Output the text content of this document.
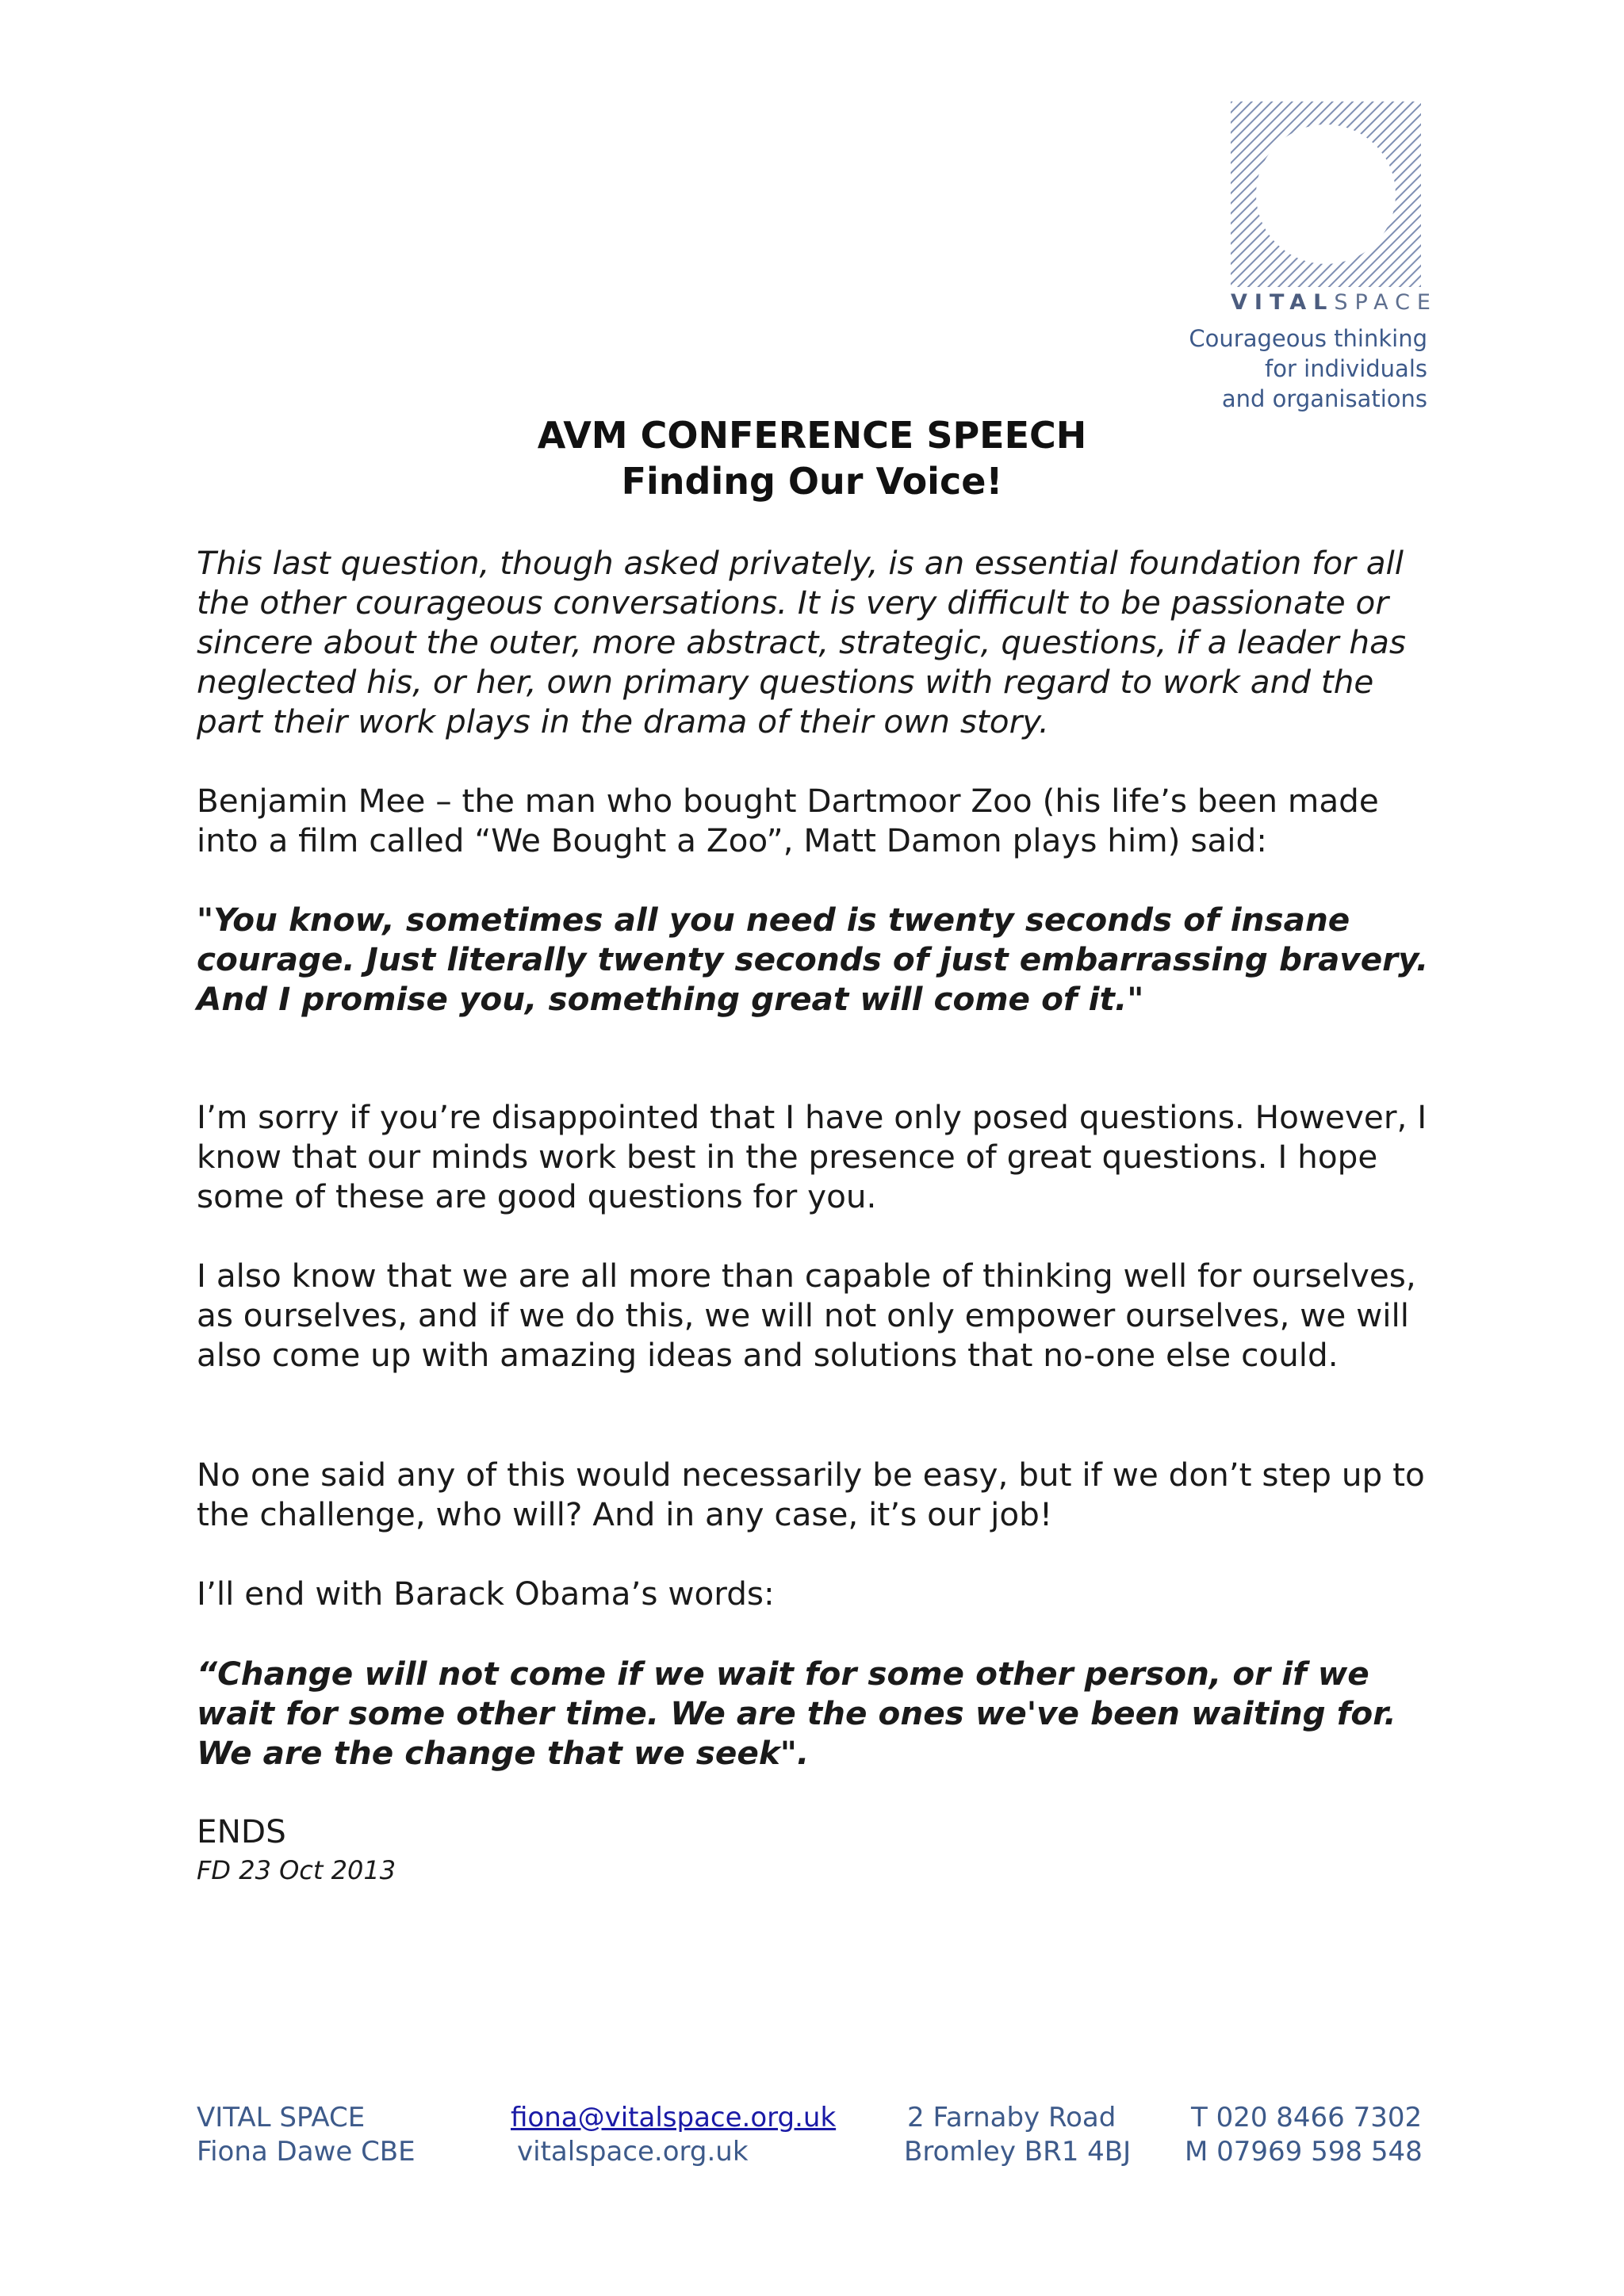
VITALSPACE
Courageous thinking
for individuals
and organisations
AVM CONFERENCE SPEECH
Finding Our Voice!

This last question, though asked privately, is an essential foundation for all the other courageous conversations. It is very difficult to be passionate or sincere about the outer, more abstract, strategic, questions, if a leader has neglected his, or her, own primary questions with regard to work and the part their work plays in the drama of their own story.

Benjamin Mee – the man who bought Dartmoor Zoo (his life’s been made into a film called “We Bought a Zoo”, Matt Damon plays him) said:

"You know, sometimes all you need is twenty seconds of insane courage. Just literally twenty seconds of just embarrassing bravery. And I promise you, something great will come of it."

I’m sorry if you’re disappointed that I have only posed questions. However, I know that our minds work best in the presence of great questions. I hope some of these are good questions for you.

I also know that we are all more than capable of thinking well for ourselves, as ourselves, and if we do this, we will not only empower ourselves, we will also come up with amazing ideas and solutions that no-one else could.

No one said any of this would necessarily be easy, but if we don’t step up to the challenge, who will? And in any case, it’s our job!

I’ll end with Barack Obama’s words:

“Change will not come if we wait for some other person, or if we wait for some other time. We are the ones we've been waiting for. We are the change that we seek".

ENDS
FD 23 Oct 2013
VITAL SPACE
Fiona Dawe CBE
fiona@vitalspace.org.uk
vitalspace.org.uk
2 Farnaby Road
Bromley BR1 4BJ
T 020 8466 7302
M 07969 598 548
